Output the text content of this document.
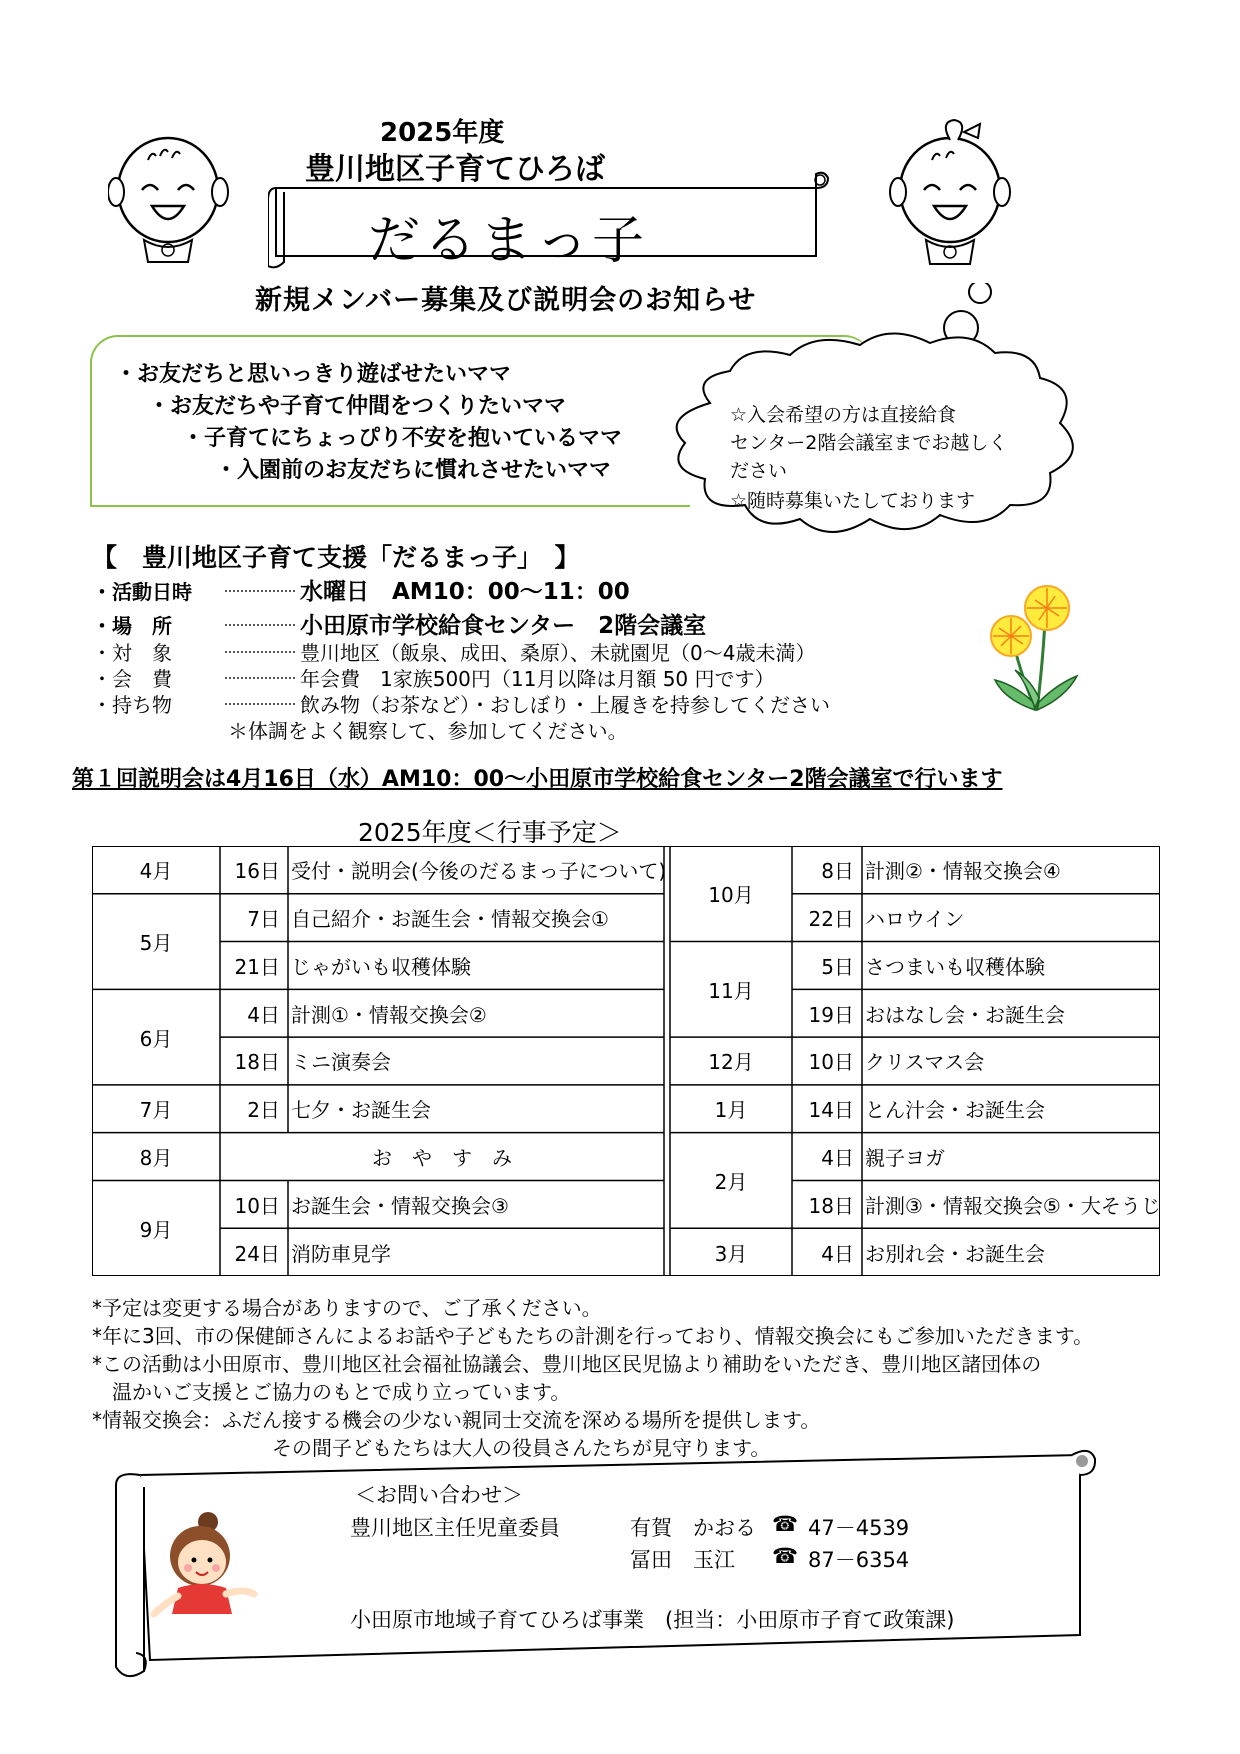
2025年度
豊川地区子育てひろば
だるまっ子
新規メンバー募集及び説明会のお知らせ
・お友だちと思いっきり遊ばせたいママ
・お友だちや子育て仲間をつくりたいママ
・子育てにちょっぴり不安を抱いているママ
・入園前のお友だちに慣れさせたいママ
☆入会希望の方は直接給食
センター2階会議室までお越しく
ださい
☆随時募集いたしております
【　豊川地区子育て支援「だるまっ子」　】
・活動日時	水曜日　AM10：00～11：00
・場　所	小田原市学校給食センター　2階会議室
・対　象	豊川地区（飯泉、成田、桑原）、未就園児（0～4歳未満）
・会　費	年会費　1家族500円（11月以降は月額 50 円です）
・持ち物	飲み物（お茶など）・おしぼり・上履きを持参してください
＊体調をよく観察して、参加してください。
第１回説明会は4月16日（水）AM10：00～小田原市学校給食センター2階会議室で行います
2025年度＜行事予定＞
4月	16日 受付・説明会(今後のだるまっ子について)
5月
7日 自己紹介・お誕生会・情報交換会①
21日 じゃがいも収穫体験
6月
4日 計測①・情報交換会②
18日 ミニ演奏会
7月	2日 七夕・お誕生会
8月	お　や　す　み
9月
10日 お誕生会・情報交換会③
24日 消防車見学
10月
8日 計測②・情報交換会④
22日 ハロウイン
11月
5日 さつまいも収穫体験
19日 おはなし会・お誕生会
12月	10日 クリスマス会
1月	14日 とん汁会・お誕生会
2月
4日 親子ヨガ
18日 計測③・情報交換会⑤・大そうじ
3月	4日 お別れ会・お誕生会
*予定は変更する場合がありますので、ご了承ください。
*年に3回、市の保健師さんによるお話や子どもたちの計測を行っており、情報交換会にもご参加いただきます。
*この活動は小田原市、豊川地区社会福祉協議会、豊川地区民児協より補助をいただき、豊川地区諸団体の
　温かいご支援とご協力のもとで成り立っています。
*情報交換会：ふだん接する機会の少ない親同士交流を深める場所を提供します。
　　　　　　　　　その間子どもたちは大人の役員さんたちが見守ります。
＜お問い合わせ＞
豊川地区主任児童委員	有賀　かおる ☎ 47－4539
冨田　玉江 ☎ 87－6354
小田原市地域子育てひろば事業　(担当：小田原市子育て政策課)
